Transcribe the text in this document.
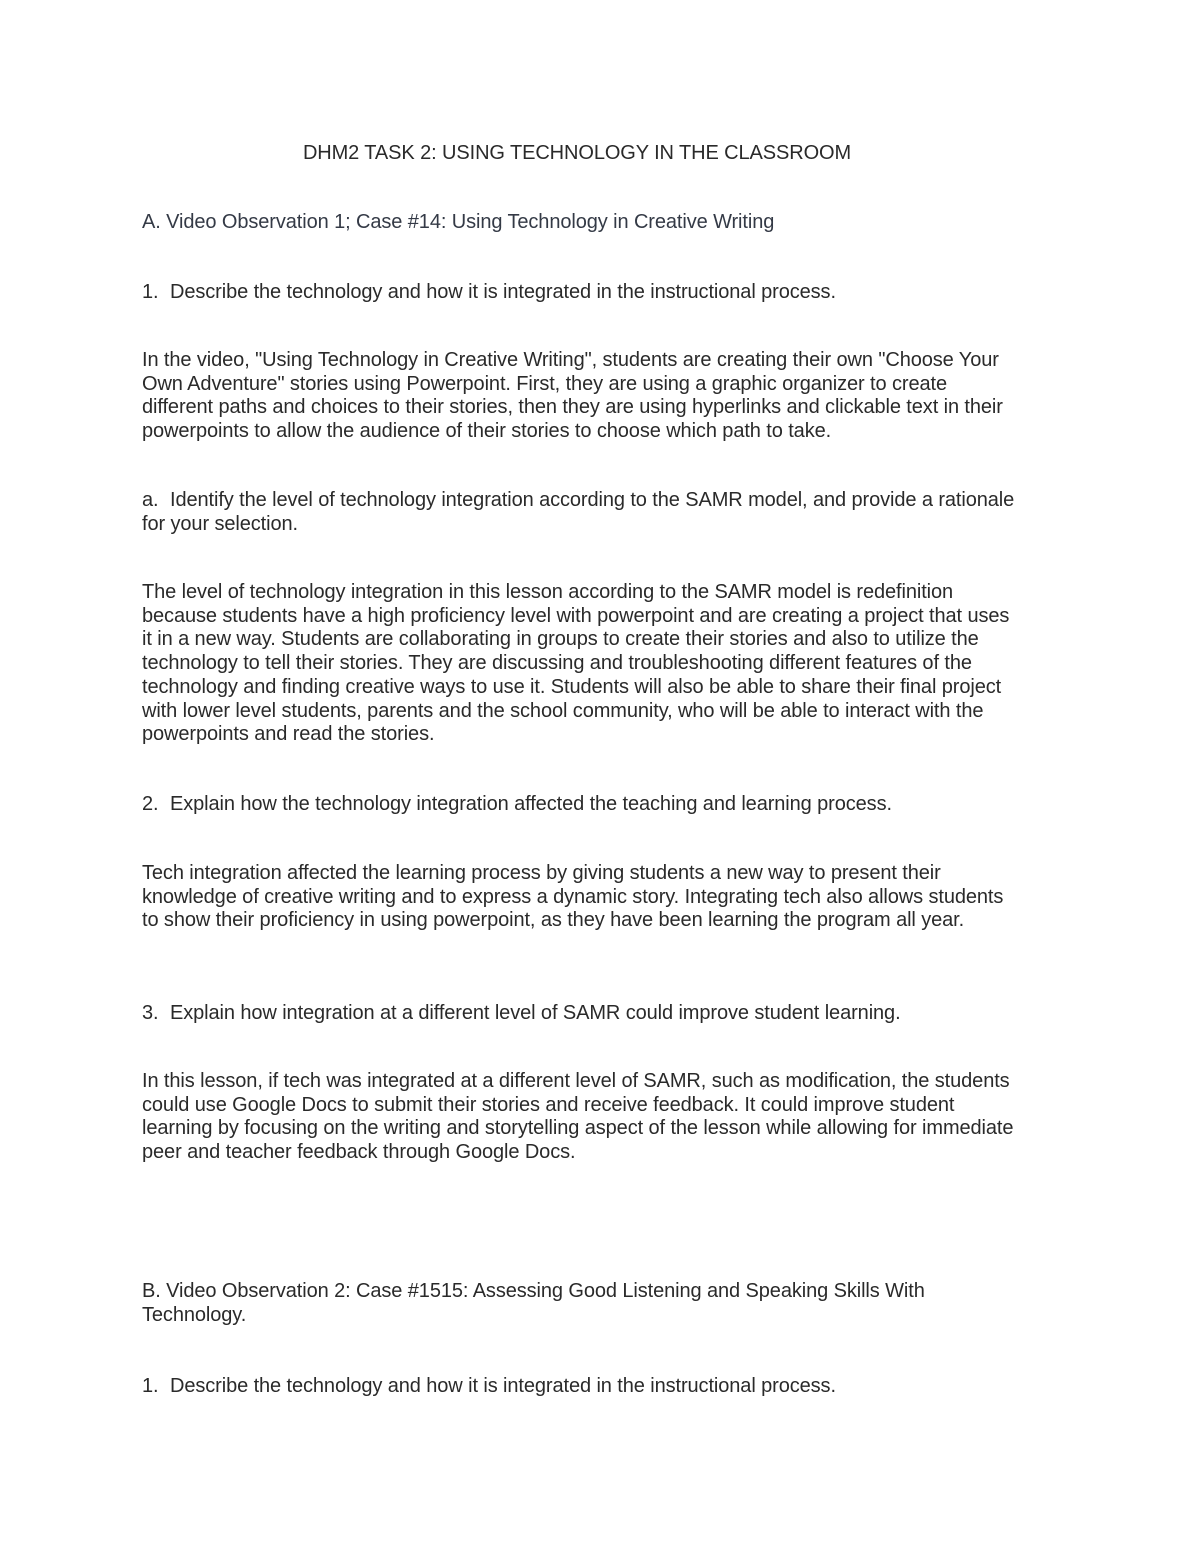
DHM2 TASK 2: USING TECHNOLOGY IN THE CLASSROOM

A. Video Observation 1; Case #14: Using Technology in Creative Writing

1. Describe the technology and how it is integrated in the instructional process.

In the video, "Using Technology in Creative Writing", students are creating their own "Choose Your Own Adventure" stories using Powerpoint. First, they are using a graphic organizer to create different paths and choices to their stories, then they are using hyperlinks and clickable text in their powerpoints to allow the audience of their stories to choose which path to take.

a. Identify the level of technology integration according to the SAMR model, and provide a rationale for your selection.

The level of technology integration in this lesson according to the SAMR model is redefinition because students have a high proficiency level with powerpoint and are creating a project that uses it in a new way. Students are collaborating in groups to create their stories and also to utilize the technology to tell their stories. They are discussing and troubleshooting different features of the technology and finding creative ways to use it. Students will also be able to share their final project with lower level students, parents and the school community, who will be able to interact with the powerpoints and read the stories.

2. Explain how the technology integration affected the teaching and learning process.

Tech integration affected the learning process by giving students a new way to present their knowledge of creative writing and to express a dynamic story. Integrating tech also allows students to show their proficiency in using powerpoint, as they have been learning the program all year.

3. Explain how integration at a different level of SAMR could improve student learning.

In this lesson, if tech was integrated at a different level of SAMR, such as modification, the students could use Google Docs to submit their stories and receive feedback. It could improve student learning by focusing on the writing and storytelling aspect of the lesson while allowing for immediate peer and teacher feedback through Google Docs.

B. Video Observation 2: Case #1515: Assessing Good Listening and Speaking Skills With Technology.

1. Describe the technology and how it is integrated in the instructional process.
